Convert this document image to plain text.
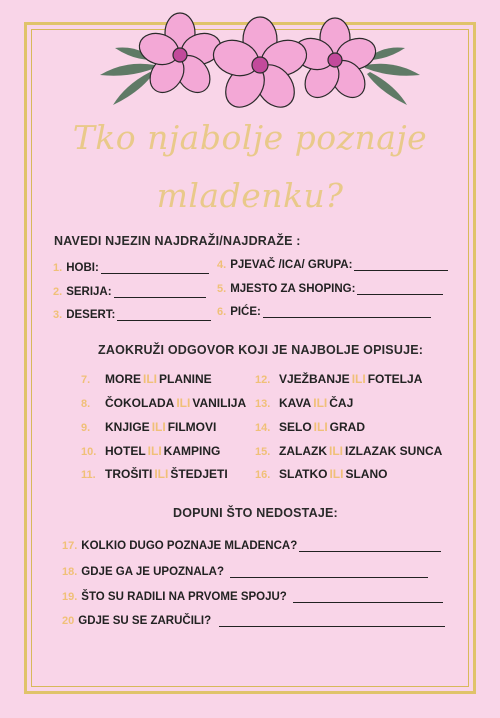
Tko njabolje poznaje
mladenku?
NAVEDI NJEZIN NAJDRAŽI/NAJDRAŽE :
1. HOBI:
2. SERIJA:
3. DESERT:
4. PJEVAČ /ICA/ GRUPA:
5. MJESTO ZA SHOPING:
6. PIĆE:
ZAOKRUŽI ODGOVOR KOJI JE NAJBOLJE OPISUJE:
7. MORE ILI PLANINE
8. ČOKOLADA ILI VANILIJA
9. KNJIGE ILI FILMOVI
10. HOTEL ILI KAMPING
11. TROŠITI ILI ŠTEDJETI
12. VJEŽBANJE ILI FOTELJA
13. KAVA ILI ČAJ
14. SELO ILI GRAD
15. ZALAZK ILI IZLAZAK SUNCA
16. SLATKO ILI SLANO
DOPUNI ŠTO NEDOSTAJE:
17. KOLKIO DUGO POZNAJE MLADENCA?
18. GDJE GA JE UPOZNALA?
19. ŠTO SU RADILI NA PRVOME SPOJU?
20 GDJE SU SE ZARUČILI?
